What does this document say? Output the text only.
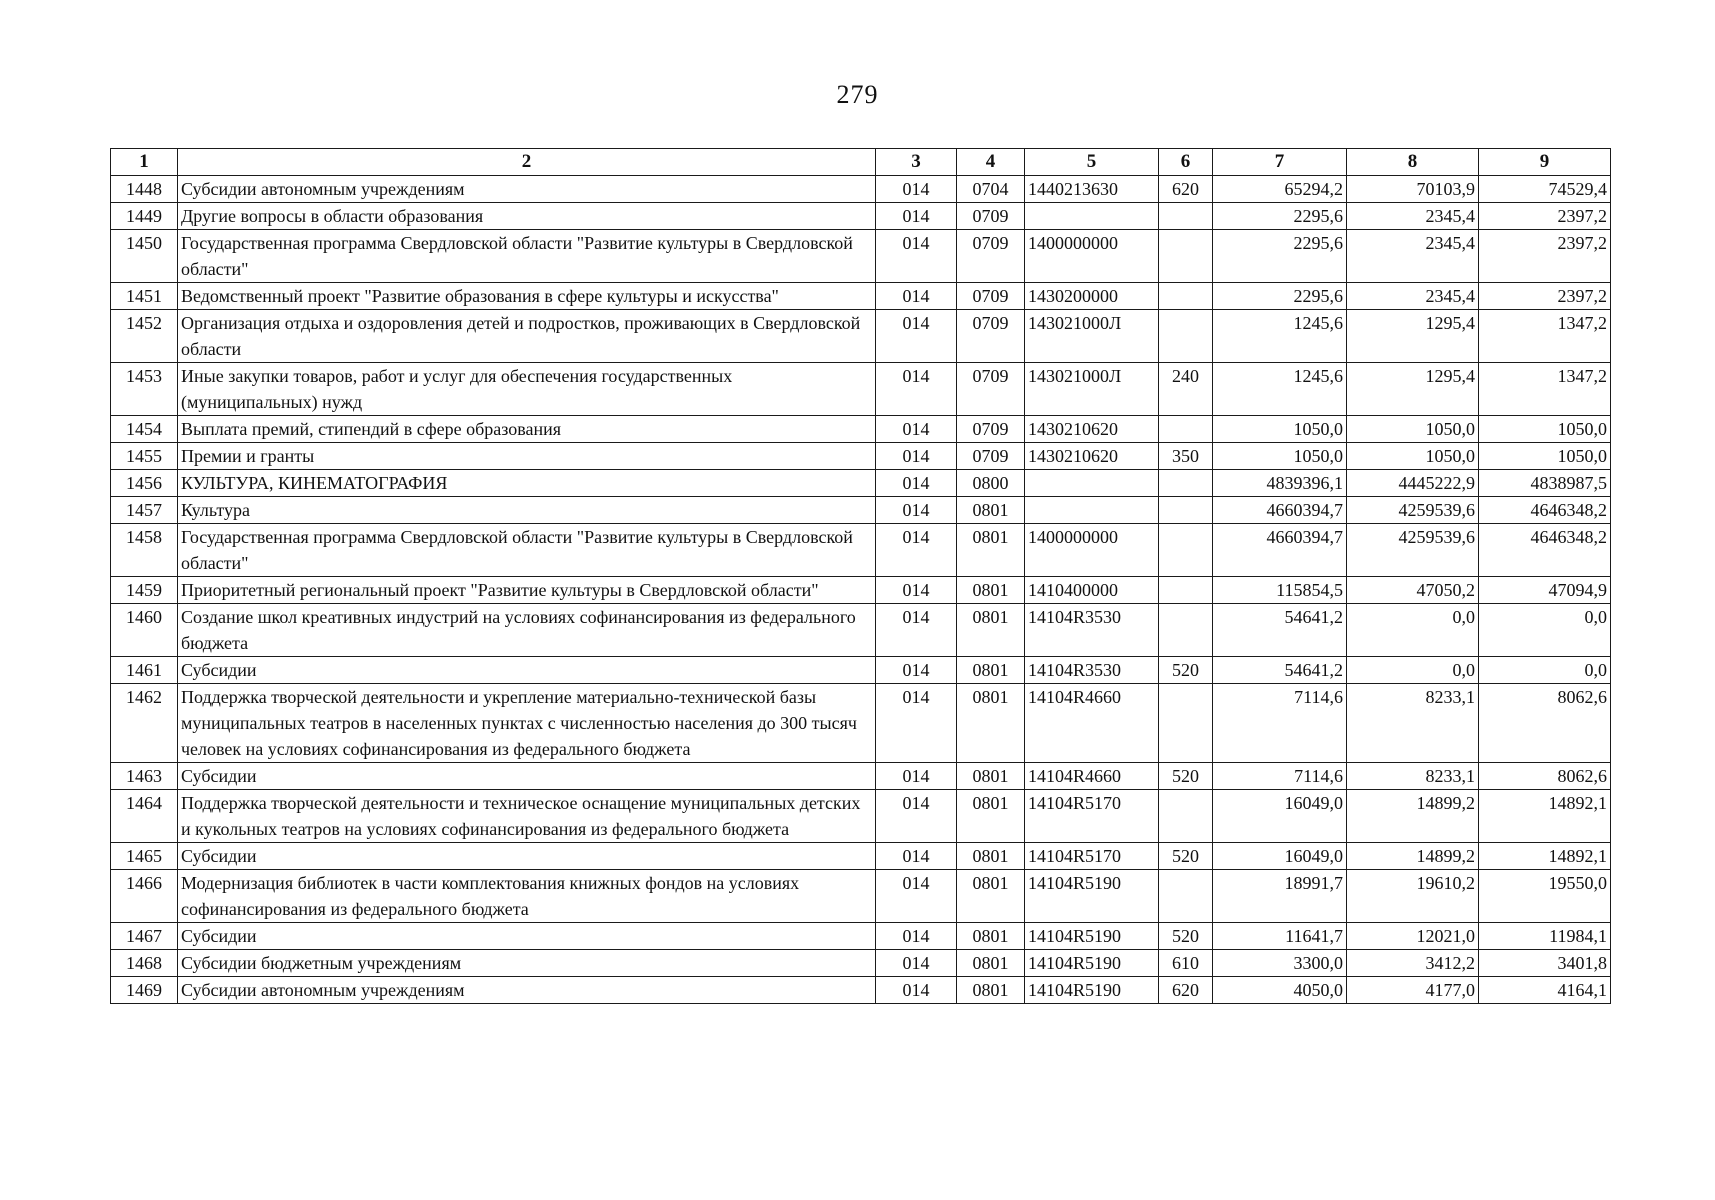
279
1	2	3	4	5	6	7	8	9
1448	Субсидии автономным учреждениям	014	0704	1440213630	620	65294,2	70103,9	74529,4
1449	Другие вопросы в области образования	014	0709			2295,6	2345,4	2397,2
1450	Государственная программа Свердловской области "Развитие культуры в Свердловской области"	014	0709	1400000000		2295,6	2345,4	2397,2
1451	Ведомственный проект "Развитие образования в сфере культуры и искусства"	014	0709	1430200000		2295,6	2345,4	2397,2
1452	Организация отдыха и оздоровления детей и подростков, проживающих в Свердловской области	014	0709	143021000Л		1245,6	1295,4	1347,2
1453	Иные закупки товаров, работ и услуг для обеспечения государственных (муниципальных) нужд	014	0709	143021000Л	240	1245,6	1295,4	1347,2
1454	Выплата премий, стипендий в сфере образования	014	0709	1430210620		1050,0	1050,0	1050,0
1455	Премии и гранты	014	0709	1430210620	350	1050,0	1050,0	1050,0
1456	КУЛЬТУРА, КИНЕМАТОГРАФИЯ	014	0800			4839396,1	4445222,9	4838987,5
1457	Культура	014	0801			4660394,7	4259539,6	4646348,2
1458	Государственная программа Свердловской области "Развитие культуры в Свердловской области"	014	0801	1400000000		4660394,7	4259539,6	4646348,2
1459	Приоритетный региональный проект "Развитие культуры в Свердловской области"	014	0801	1410400000		115854,5	47050,2	47094,9
1460	Создание школ креативных индустрий на условиях софинансирования из федерального бюджета	014	0801	14104R3530		54641,2	0,0	0,0
1461	Субсидии	014	0801	14104R3530	520	54641,2	0,0	0,0
1462	Поддержка творческой деятельности и укрепление материально-технической базы муниципальных театров в населенных пунктах с численностью населения до 300 тысяч человек на условиях софинансирования из федерального бюджета	014	0801	14104R4660		7114,6	8233,1	8062,6
1463	Субсидии	014	0801	14104R4660	520	7114,6	8233,1	8062,6
1464	Поддержка творческой деятельности и техническое оснащение муниципальных детских и кукольных театров на условиях софинансирования из федерального бюджета	014	0801	14104R5170		16049,0	14899,2	14892,1
1465	Субсидии	014	0801	14104R5170	520	16049,0	14899,2	14892,1
1466	Модернизация библиотек в части комплектования книжных фондов на условиях софинансирования из федерального бюджета	014	0801	14104R5190		18991,7	19610,2	19550,0
1467	Субсидии	014	0801	14104R5190	520	11641,7	12021,0	11984,1
1468	Субсидии бюджетным учреждениям	014	0801	14104R5190	610	3300,0	3412,2	3401,8
1469	Субсидии автономным учреждениям	014	0801	14104R5190	620	4050,0	4177,0	4164,1
